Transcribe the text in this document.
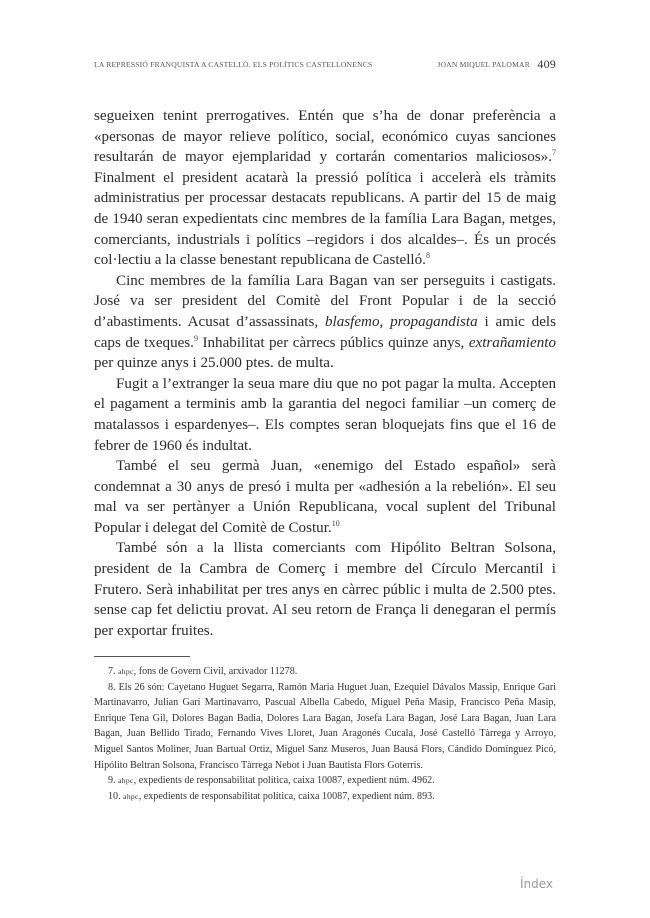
LA REPRESSIÓ FRANQUISTA A CASTELLÓ. ELS POLÍTICS CASTELLONENCS	JOAN MIQUEL PALOMAR 409

segueixen tenint prerrogatives. Entén que s’ha de donar preferència a «personas de mayor relieve político, social, económico cuyas sanciones resultarán de mayor ejemplaridad y cortarán comentarios maliciosos».$^7$ Finalment el president acatarà la pressió política i accelerà els tràmits administratius per processar destacats republicans. A partir del 15 de maig de 1940 seran expedientats cinc membres de la família Lara Bagan, metges, comerciants, industrials i polítics –regidors i dos alcaldes–. És un procés col·lectiu a la classe benestant republicana de Castelló.$^8$

Cinc membres de la família Lara Bagan van ser perseguits i castigats. José va ser president del Comitè del Front Popular i de la secció d’abastiments. Acusat d’assassinats, blasfemo, propagandista i amic dels caps de txeques.$^9$ Inhabilitat per càrrecs públics quinze anys, extrañamiento per quinze anys i 25.000 ptes. de multa.

Fugit a l’extranger la seua mare diu que no pot pagar la multa. Accepten el pagament a terminis amb la garantia del negoci familiar –un comerç de matalassos i espardenyes–. Els comptes seran bloquejats fins que el 16 de febrer de 1960 és indultat.

També el seu germà Juan, «enemigo del Estado español» serà condemnat a 30 anys de presó i multa per «adhesión a la rebelión». El seu mal va ser pertànyer a Unión Republicana, vocal suplent del Tribunal Popular i delegat del Comitè de Costur.$^{10}$

També són a la llista comerciants com Hipólito Beltran Solsona, president de la Cambra de Comerç i membre del Círculo Mercantil i Frutero. Serà inhabilitat per tres anys en càrrec públic i multa de 2.500 ptes. sense cap fet delictiu provat. Al seu retorn de França li denegaran el permís per exportar fruites.

7. ahpc, fons de Govern Civil, arxivador 11278.

8. Els 26 són: Cayetano Huguet Segarra, Ramón Maria Huguet Juan, Ezequiel Dávalos Massip, Enrique Gari Martinavarro, Julian Gari Martinavarro, Pascual Albella Cabedo, Miguel Peña Masip, Francisco Peña Masip, Enrique Tena Gil, Dolores Bagan Badia, Dolores Lara Bagan, Josefa Lara Bagan, José Lara Bagan, Juan Lara Bagan, Juan Bellido Tirado, Fernando Vives Lloret, Juan Aragonés Cucala, José Castelló Tàrrega y Arroyo, Miguel Santos Moliner, Juan Bartual Ortiz, Miguel Sanz Museros, Juan Bausá Flors, Cándido Domínguez Picó, Hipólito Beltran Solsona, Francisco Tàrrega Nebot i Juan Bautista Flors Goterris.

9. ahpc, expedients de responsabilitat política, caixa 10087, expedient núm. 4962.

10. ahpc, expedients de responsabilitat política, caixa 10087, expedient núm. 893.

Índex
